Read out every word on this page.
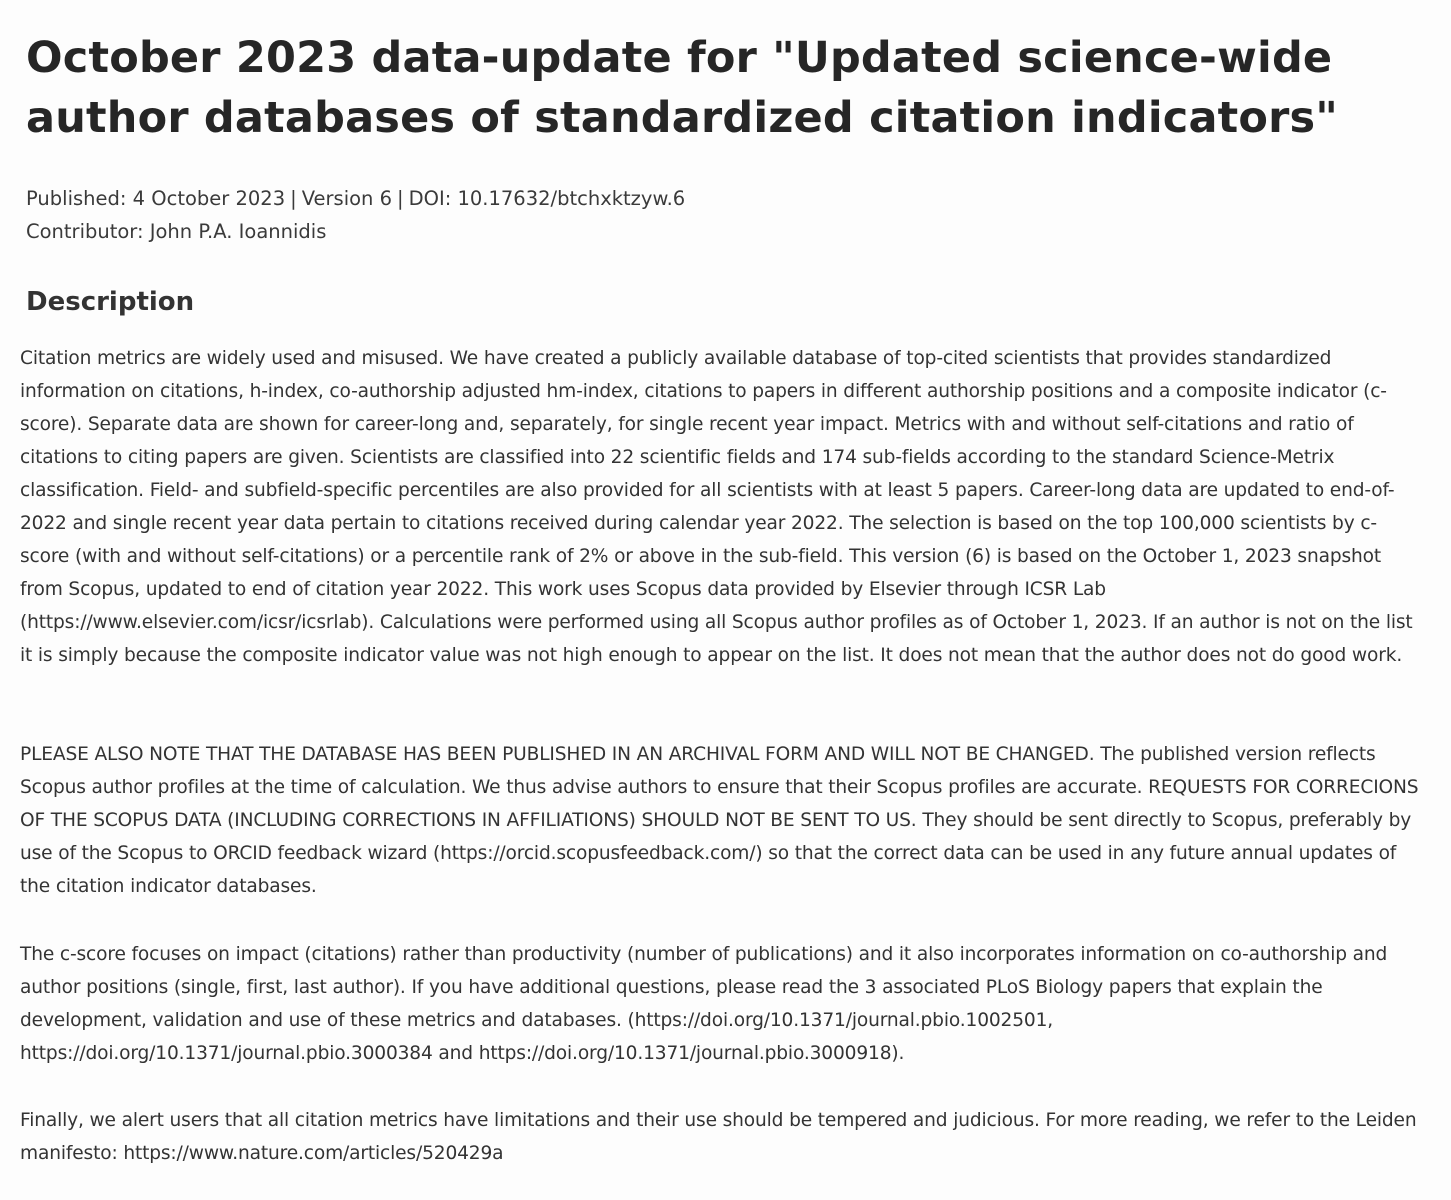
October 2023 data-update for "Updated science-wide author databases of standardized citation indicators"
Published: 4 October 2023 | Version 6 | DOI: 10.17632/btchxktzyw.6
Contributor: John P.A. Ioannidis
Description

Citation metrics are widely used and misused. We have created a publicly available database of top-cited scientists that provides standardized information on citations, h-index, co-authorship adjusted hm-index, citations to papers in different authorship positions and a composite indicator (c-score). Separate data are shown for career-long and, separately, for single recent year impact. Metrics with and without self-citations and ratio of citations to citing papers are given. Scientists are classified into 22 scientific fields and 174 sub-fields according to the standard Science-Metrix classification. Field- and subfield-specific percentiles are also provided for all scientists with at least 5 papers. Career-long data are updated to end-of-2022 and single recent year data pertain to citations received during calendar year 2022. The selection is based on the top 100,000 scientists by c-score (with and without self-citations) or a percentile rank of 2% or above in the sub-field. This version (6) is based on the October 1, 2023 snapshot from Scopus, updated to end of citation year 2022. This work uses Scopus data provided by Elsevier through ICSR Lab (https://www.elsevier.com/icsr/icsrlab). Calculations were performed using all Scopus author profiles as of October 1, 2023. If an author is not on the list it is simply because the composite indicator value was not high enough to appear on the list. It does not mean that the author does not do good work.

PLEASE ALSO NOTE THAT THE DATABASE HAS BEEN PUBLISHED IN AN ARCHIVAL FORM AND WILL NOT BE CHANGED. The published version reflects Scopus author profiles at the time of calculation. We thus advise authors to ensure that their Scopus profiles are accurate. REQUESTS FOR CORRECIONS OF THE SCOPUS DATA (INCLUDING CORRECTIONS IN AFFILIATIONS) SHOULD NOT BE SENT TO US. They should be sent directly to Scopus, preferably by use of the Scopus to ORCID feedback wizard (https://orcid.scopusfeedback.com/) so that the correct data can be used in any future annual updates of the citation indicator databases.

The c-score focuses on impact (citations) rather than productivity (number of publications) and it also incorporates information on co-authorship and author positions (single, first, last author). If you have additional questions, please read the 3 associated PLoS Biology papers that explain the development, validation and use of these metrics and databases. (https://doi.org/10.1371/journal.pbio.1002501, https://doi.org/10.1371/journal.pbio.3000384 and https://doi.org/10.1371/journal.pbio.3000918).

Finally, we alert users that all citation metrics have limitations and their use should be tempered and judicious. For more reading, we refer to the Leiden manifesto: https://www.nature.com/articles/520429a
